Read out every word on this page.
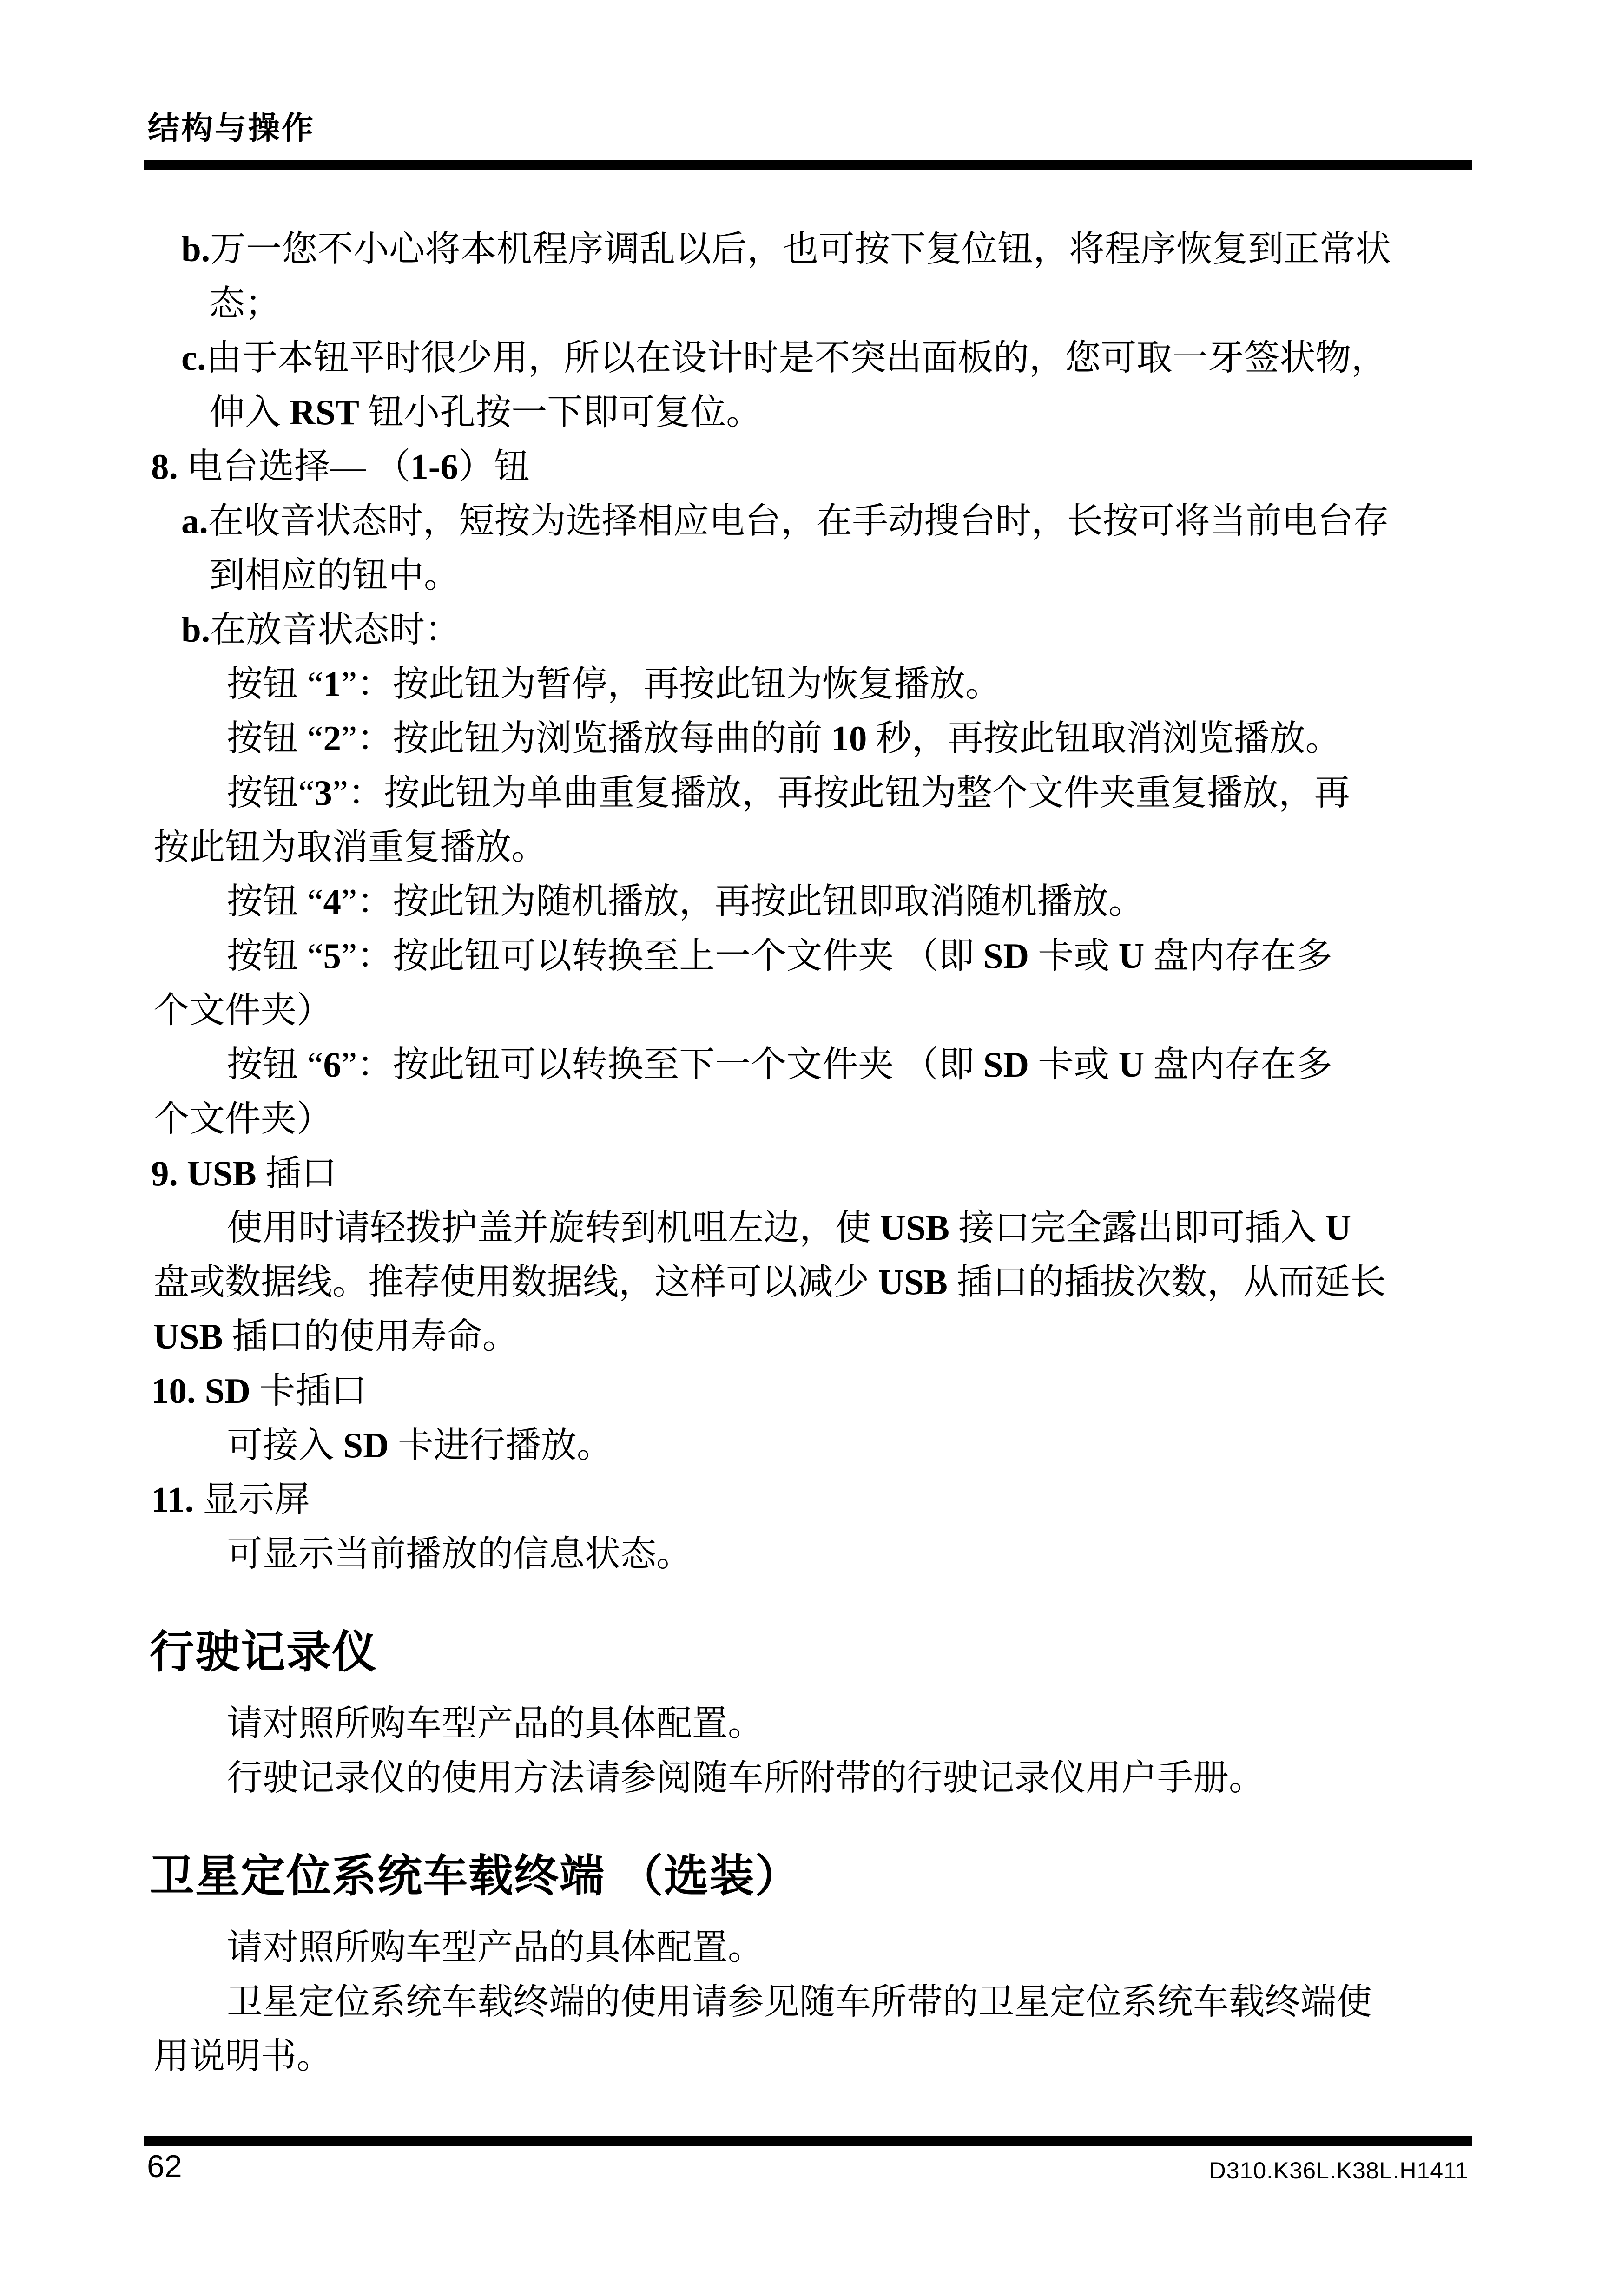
结构与操作
b.万一您不小心将本机程序调乱以后，也可按下复位钮，将程序恢复到正常状
态；
c.由于本钮平时很少用，所以在设计时是不突出面板的，您可取一牙签状物，
伸入 RST 钮小孔按一下即可复位。
8. 电台选择— （1-6）钮
a.在收音状态时，短按为选择相应电台，在手动搜台时，长按可将当前电台存
到相应的钮中。
b.在放音状态时：
按钮 “1”：按此钮为暂停，再按此钮为恢复播放。
按钮 “2”：按此钮为浏览播放每曲的前 10 秒，再按此钮取消浏览播放。
按钮“3”：按此钮为单曲重复播放，再按此钮为整个文件夹重复播放，再
按此钮为取消重复播放。
按钮 “4”：按此钮为随机播放，再按此钮即取消随机播放。
按钮 “5”：按此钮可以转换至上一个文件夹 （即 SD 卡或 U 盘内存在多
个文件夹）
按钮 “6”：按此钮可以转换至下一个文件夹 （即 SD 卡或 U 盘内存在多
个文件夹）
9. USB 插口
使用时请轻拨护盖并旋转到机咀左边，使 USB 接口完全露出即可插入 U
盘或数据线。推荐使用数据线，这样可以减少 USB 插口的插拔次数，从而延长
USB 插口的使用寿命。
10. SD 卡插口
可接入 SD 卡进行播放。
11. 显示屏
可显示当前播放的信息状态。
行驶记录仪
请对照所购车型产品的具体配置。
行驶记录仪的使用方法请参阅随车所附带的行驶记录仪用户手册。
卫星定位系统车载终端 （选装）
请对照所购车型产品的具体配置。
卫星定位系统车载终端的使用请参见随车所带的卫星定位系统车载终端使
用说明书。
62	D310.K36L.K38L.H1411
